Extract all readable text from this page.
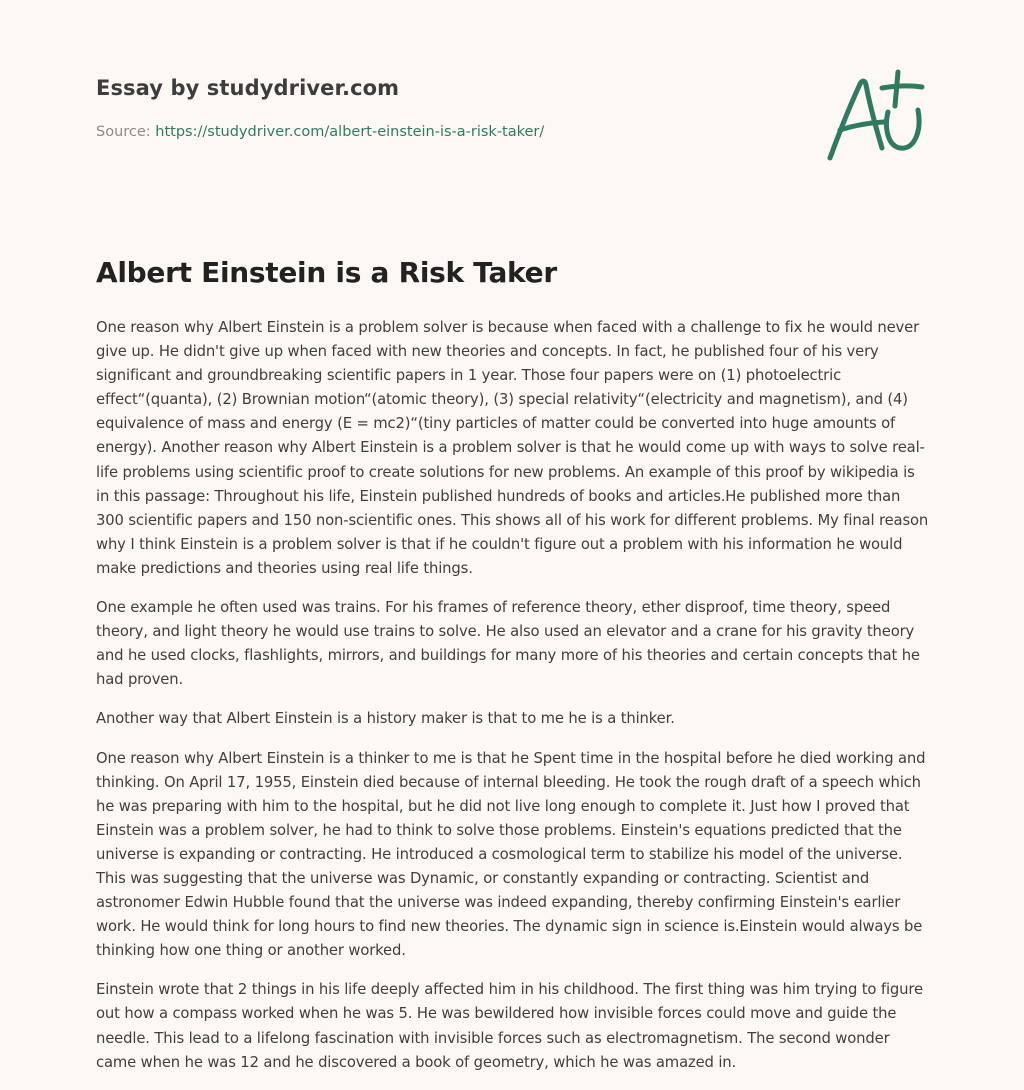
Essay by studydriver.com
Source: https://studydriver.com/albert-einstein-is-a-risk-taker/
Albert Einstein is a Risk Taker

One reason why Albert Einstein is a problem solver is because when faced with a challenge to fix he would never give up. He didn't give up when faced with new theories and concepts. In fact, he published four of his very significant and groundbreaking scientific papers in 1 year. Those four papers were on (1) photoelectric effect“(quanta), (2) Brownian motion“(atomic theory), (3) special relativity“(electricity and magnetism), and (4) equivalence of mass and energy (E = mc2)“(tiny particles of matter could be converted into huge amounts of energy). Another reason why Albert Einstein is a problem solver is that he would come up with ways to solve real-life problems using scientific proof to create solutions for new problems. An example of this proof by wikipedia is in this passage: Throughout his life, Einstein published hundreds of books and articles.He published more than 300 scientific papers and 150 non-scientific ones. This shows all of his work for different problems. My final reason why I think Einstein is a problem solver is that if he couldn't figure out a problem with his information he would make predictions and theories using real life things.

One example he often used was trains. For his frames of reference theory, ether disproof, time theory, speed theory, and light theory he would use trains to solve. He also used an elevator and a crane for his gravity theory and he used clocks, flashlights, mirrors, and buildings for many more of his theories and certain concepts that he had proven.

Another way that Albert Einstein is a history maker is that to me he is a thinker.

One reason why Albert Einstein is a thinker to me is that he Spent time in the hospital before he died working and thinking. On April 17, 1955, Einstein died because of internal bleeding. He took the rough draft of a speech which he was preparing with him to the hospital, but he did not live long enough to complete it. Just how I proved that Einstein was a problem solver, he had to think to solve those problems. Einstein's equations predicted that the universe is expanding or contracting. He introduced a cosmological term to stabilize his model of the universe. This was suggesting that the universe was Dynamic, or constantly expanding or contracting. Scientist and astronomer Edwin Hubble found that the universe was indeed expanding, thereby confirming Einstein's earlier work. He would think for long hours to find new theories. The dynamic sign in science is.Einstein would always be thinking how one thing or another worked.

Einstein wrote that 2 things in his life deeply affected him in his childhood. The first thing was him trying to figure out how a compass worked when he was 5. He was bewildered how invisible forces could move and guide the needle. This lead to a lifelong fascination with invisible forces such as electromagnetism. The second wonder came when he was 12 and he discovered a book of geometry, which he was amazed in.
